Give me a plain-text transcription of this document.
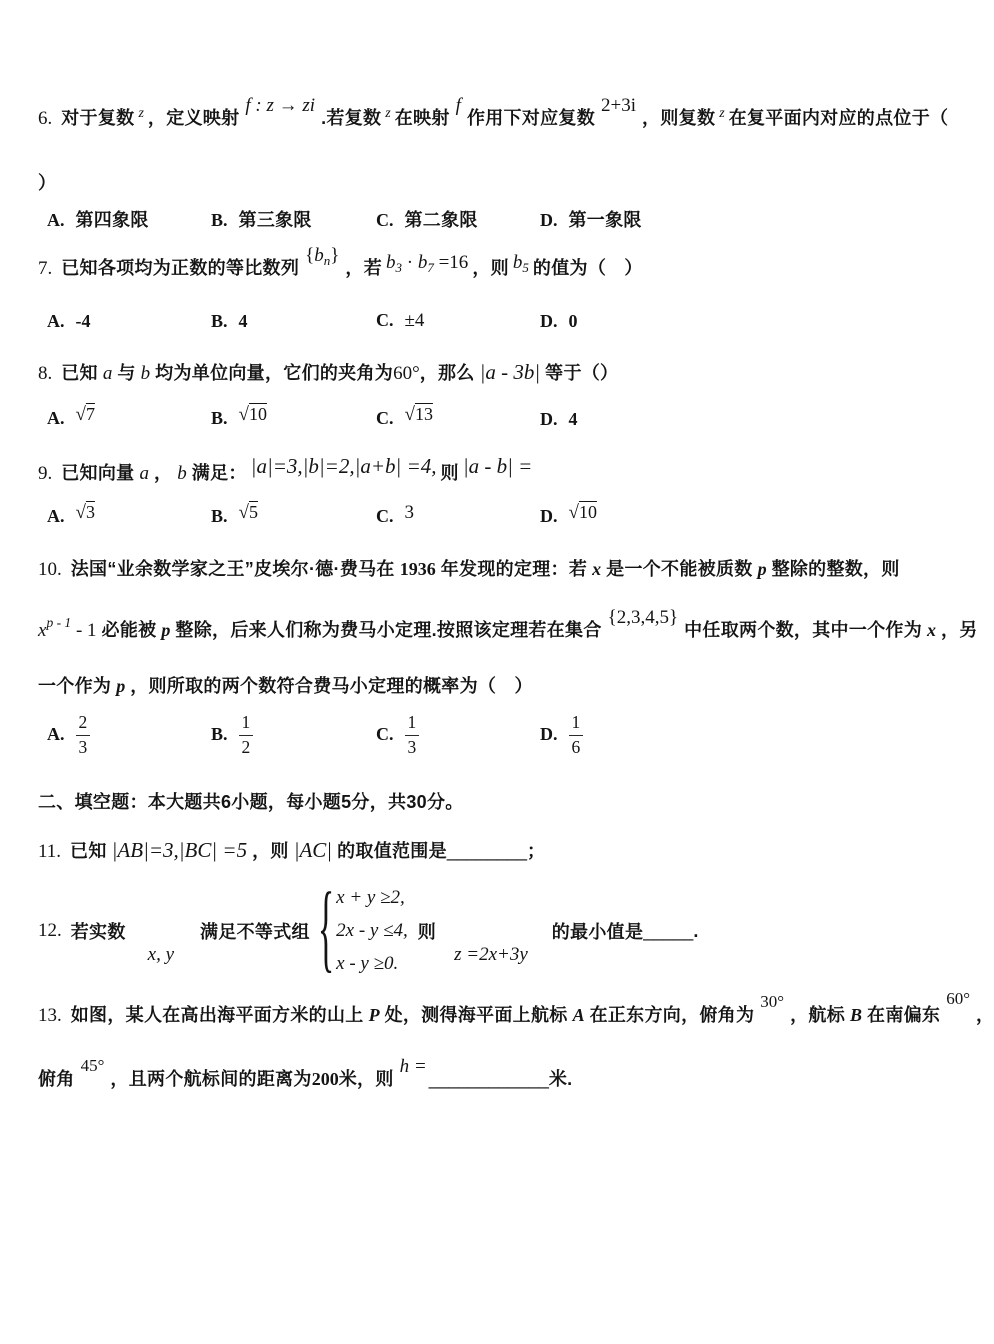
6. 对于复数 $^z$ ，定义映射f : z → zi.若复数 $^z$ 在映射f作用下对应复数2+3i，则复数 $^z$ 在复平面内对应的点位于（

）

A. 第四象限	B. 第三象限	C. 第二象限	D. 第一象限

7. 已知各项均为正数的等比数列$\{b_n\}$，若 $b_3 \cdot b_7 =16$ ，则 $b_5$ 的值为（　）

A. -4	B. 4	C. ±4	D. 0

8. 已知 a 与 b 均为单位向量，它们的夹角为60°，那么 |a - 3b| 等于（）

A. √7	B. √10	C. √13	D. 4

9. 已知向量 a ， b 满足： |a|=3,|b|=2,|a+b| =4, 则 |a - b| =

A. √3	B. √5	C. 3	D. √10

10. 法国“业余数学家之王”皮埃尔·德·费马在 1936 年发现的定理：若 x 是一个不能被质数 p 整除的整数，则

$x^{p - 1} - 1$ 必能被 p 整除，后来人们称为费马小定理.按照该定理若在集合{2,3,4,5}中任取两个数，其中一个作为 x ，另

一个作为 p ，则所取的两个数符合费马小定理的概率为（　）

A. $\frac{2}{3}$	B. $\frac{1}{2}$	C. $\frac{1}{3}$	D. $\frac{1}{6}$

二、填空题：本大题共6小题，每小题5分，共30分。

11. 已知 |AB|=3,|BC| =5 ，则 |AC| 的取值范围是________；

12. 若实数
x, y
满足不等式组 { x + y ≥2,
2x - y ≤4,
x - y ≥0.
则
z =2x+3y
的最小值是 _____ .

13. 如图，某人在高出海平面方米的山上 P 处，测得海平面上航标 A 在正东方向，俯角为30°，航标 B 在南偏东60°，

俯角45°，且两个航标间的距离为200米，则h =____________米.
